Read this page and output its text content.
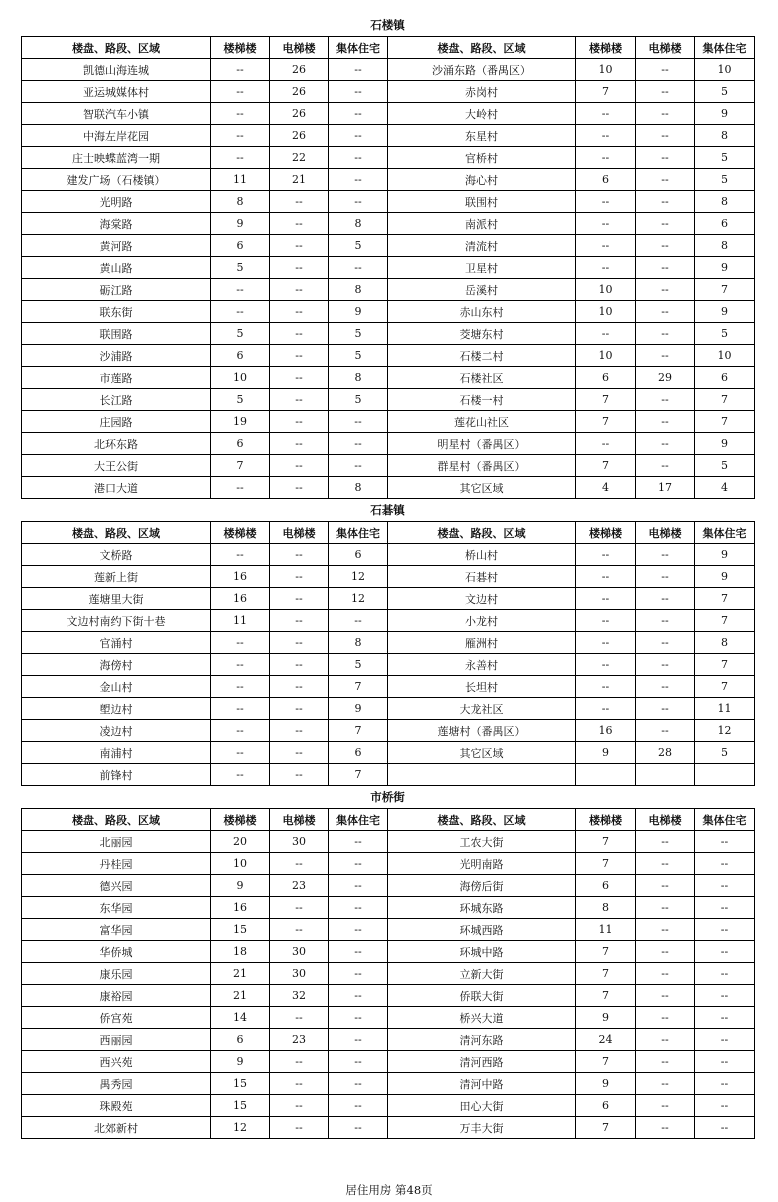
石楼镇
楼盘、路段、区域	楼梯楼	电梯楼	集体住宅	楼盘、路段、区域	楼梯楼	电梯楼	集体住宅
凯德山海连城	--	26	--	沙涌东路（番禺区）	10	--	10
亚运城媒体村	--	26	--	赤岗村	7	--	5
智联汽车小镇	--	26	--	大岭村	--	--	9
中海左岸花园	--	26	--	东星村	--	--	8
庄士映蝶蓝湾一期	--	22	--	官桥村	--	--	5
建发广场（石楼镇）	11	21	--	海心村	6	--	5
光明路	8	--	--	联围村	--	--	8
海棠路	9	--	8	南派村	--	--	6
黄河路	6	--	5	清流村	--	--	8
黄山路	5	--	--	卫星村	--	--	9
砺江路	--	--	8	岳溪村	10	--	7
联东街	--	--	9	赤山东村	10	--	9
联围路	5	--	5	茭塘东村	--	--	5
沙浦路	6	--	5	石楼二村	10	--	10
市莲路	10	--	8	石楼社区	6	29	6
长江路	5	--	5	石楼一村	7	--	7
庄园路	19	--	--	莲花山社区	7	--	7
北环东路	6	--	--	明星村（番禺区）	--	--	9
大王公街	7	--	--	群星村（番禺区）	7	--	5
港口大道	--	--	8	其它区域	4	17	4
石碁镇
楼盘、路段、区域	楼梯楼	电梯楼	集体住宅	楼盘、路段、区域	楼梯楼	电梯楼	集体住宅
文桥路	--	--	6	桥山村	--	--	9
莲新上街	16	--	12	石碁村	--	--	9
莲塘里大街	16	--	12	文边村	--	--	7
文边村南约下街十巷	11	--	--	小龙村	--	--	7
官涌村	--	--	8	雁洲村	--	--	8
海傍村	--	--	5	永善村	--	--	7
金山村	--	--	7	长坦村	--	--	7
塱边村	--	--	9	大龙社区	--	--	11
凌边村	--	--	7	莲塘村（番禺区）	16	--	12
南浦村	--	--	6	其它区域	9	28	5
前锋村	--	--	7				
市桥街
楼盘、路段、区域	楼梯楼	电梯楼	集体住宅	楼盘、路段、区域	楼梯楼	电梯楼	集体住宅
北丽园	20	30	--	工农大街	7	--	--
丹桂园	10	--	--	光明南路	7	--	--
德兴园	9	23	--	海傍后街	6	--	--
东华园	16	--	--	环城东路	8	--	--
富华园	15	--	--	环城西路	11	--	--
华侨城	18	30	--	环城中路	7	--	--
康乐园	21	30	--	立新大街	7	--	--
康裕园	21	32	--	侨联大街	7	--	--
侨宫苑	14	--	--	桥兴大道	9	--	--
西丽园	6	23	--	清河东路	24	--	--
西兴苑	9	--	--	清河西路	7	--	--
禺秀园	15	--	--	清河中路	9	--	--
珠殿苑	15	--	--	田心大街	6	--	--
北郊新村	12	--	--	万丰大街	7	--	--
居住用房 第48页
